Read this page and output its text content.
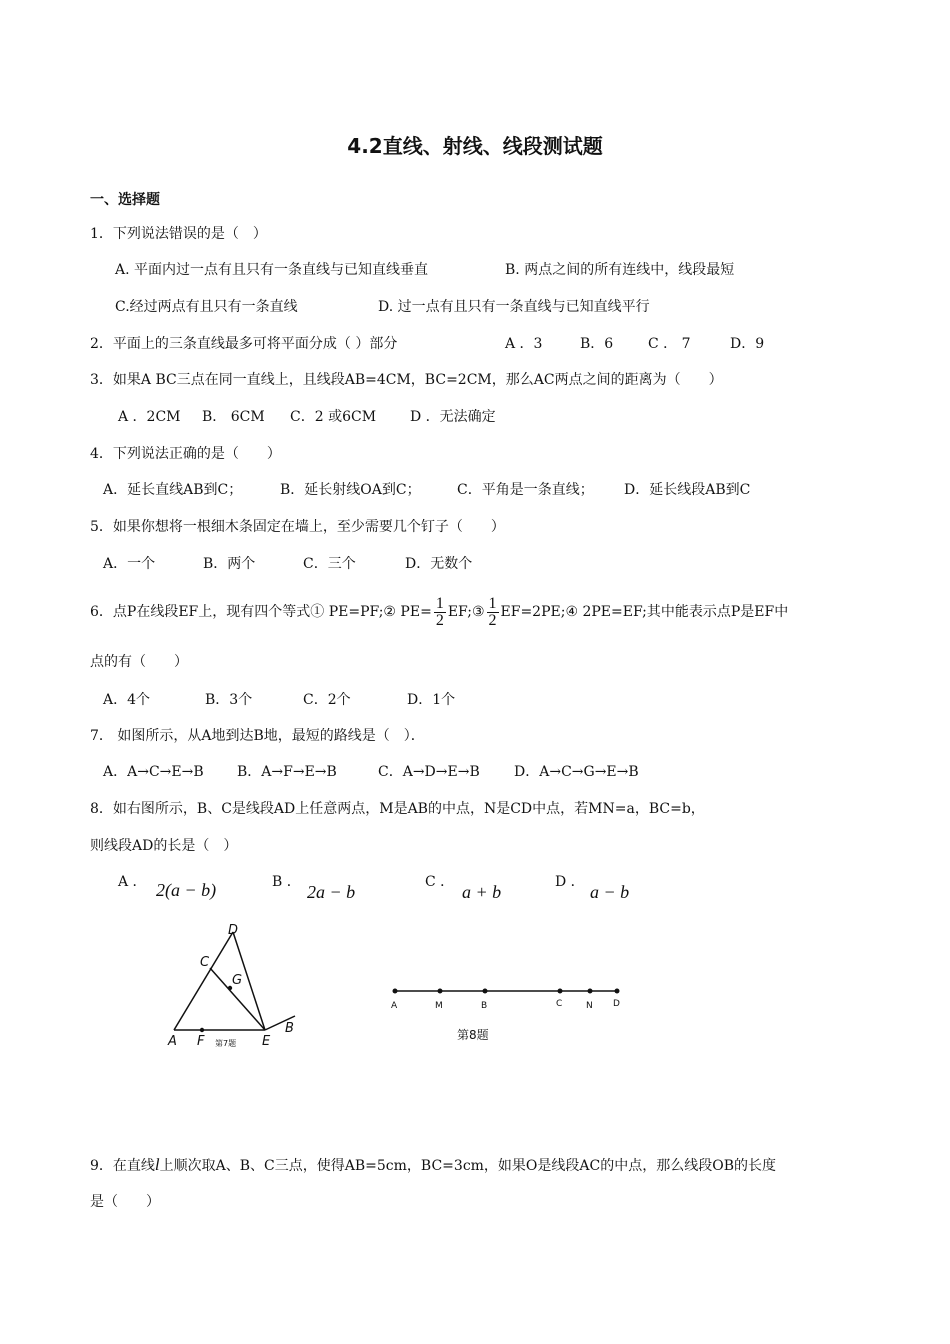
4.2直线、射线、线段测试题
一、选择题
1．下列说法错误的是（　）
A. 平面内过一点有且只有一条直线与已知直线垂直	B. 两点之间的所有连线中，线段最短
C.经过两点有且只有一条直线	D. 过一点有且只有一条直线与已知直线平行
2．平面上的三条直线最多可将平面分成（ ）部分	A ．3	B．6 C ． 7	D．9
3．如果A BC三点在同一直线上，且线段AB=4CM，BC=2CM，那么AC两点之间的距离为（　　）
A ．2CM B． 6CM C．2 或6CM D ．无法确定
4．下列说法正确的是（　　）
A．延长直线AB到C；	B．延长射线OA到C；	C．平角是一条直线； D．延长线段AB到C
5．如果你想将一根细木条固定在墙上，至少需要几个钉子（　　）
A．一个	B．两个	C．三个	D．无数个
6．点P在线段EF上，现有四个等式① PE=PF;② $PE= \frac{1}{2}$ EF;③ $\frac{1}{2}$ EF=2PE;④ 2PE=EF;其中能表示点P是EF中
点的有（　　）
A．4个	B．3个	C．2个	D．1个
7． 如图所示，从A地到达B地，最短的路线是（　）．
A．A→C→E→B B．A→F→E→B	C．A→D→E→B D．A→C→G→E→B
8．如右图所示，B、C是线段AD上任意两点，M是AB的中点，N是CD中点，若MN=a，BC=b，
则线段AD的长是（　）
A ． 2(a − b)	B ． 2a − b	C ． a + b	D ． a − b
D
C
G
A F	E
B
第7题
A	M	B	C	N D
第8题
9．在直线l上顺次取A、B、C三点，使得AB=5cm，BC=3cm，如果O是线段AC的中点，那么线段OB的长度
是（　　）
